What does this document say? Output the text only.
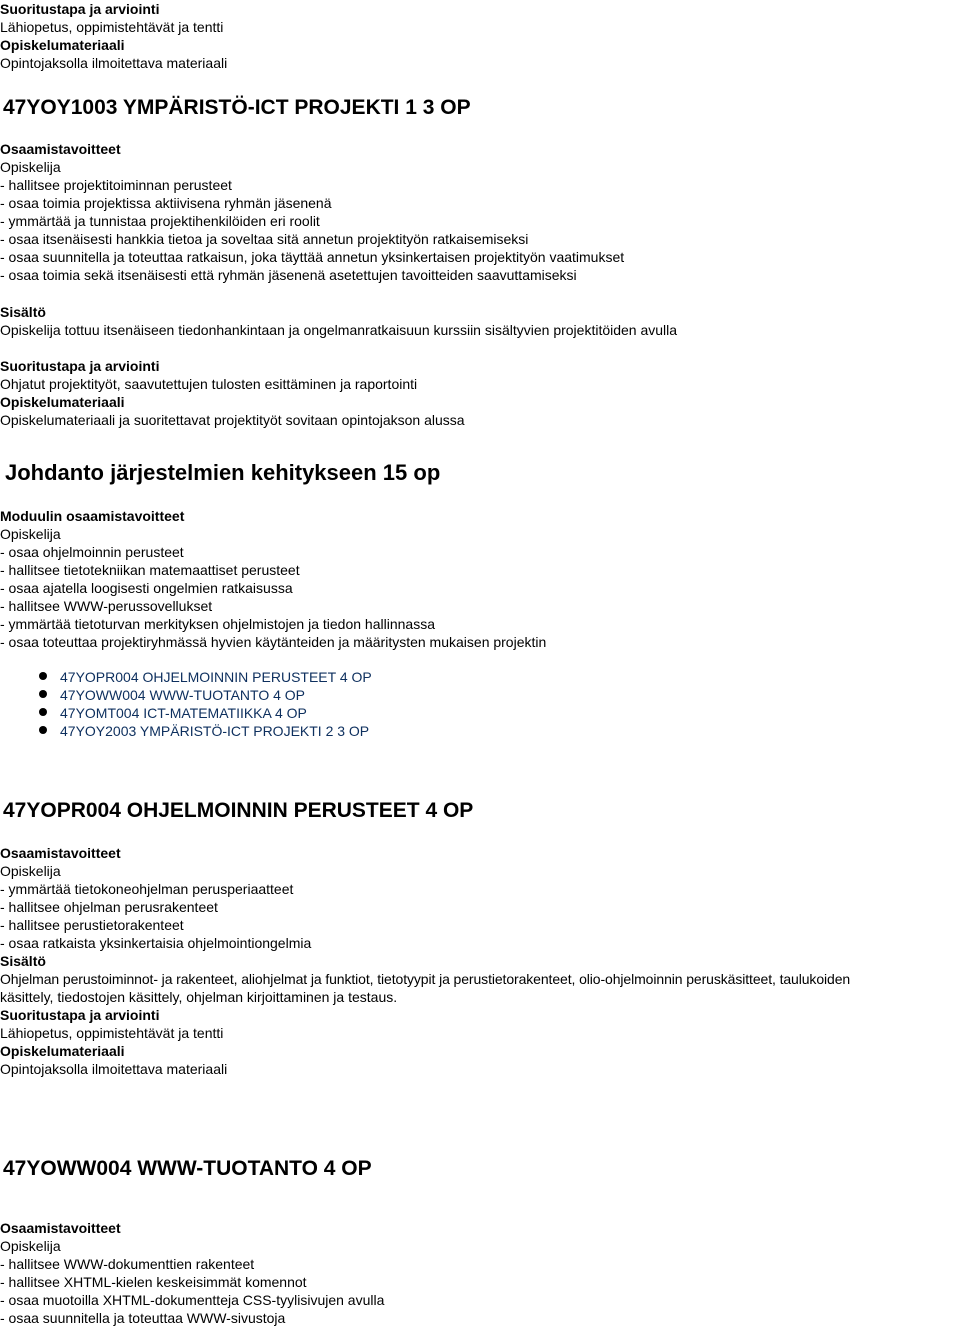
Suoritustapa ja arviointi
Lähiopetus, oppimistehtävät ja tentti
Opiskelumateriaali
Opintojaksolla ilmoitettava materiaali
47YOY1003 YMPÄRISTÖ-ICT PROJEKTI 1 3 OP
Osaamistavoitteet
Opiskelija
- hallitsee projektitoiminnan perusteet
- osaa toimia projektissa aktiivisena ryhmän jäsenenä
- ymmärtää ja tunnistaa projektihenkilöiden eri roolit
- osaa itsenäisesti hankkia tietoa ja soveltaa sitä annetun projektityön ratkaisemiseksi
- osaa suunnitella ja toteuttaa ratkaisun, joka täyttää annetun yksinkertaisen projektityön vaatimukset
- osaa toimia sekä itsenäisesti että ryhmän jäsenenä asetettujen tavoitteiden saavuttamiseksi
Sisältö
Opiskelija tottuu itsenäiseen tiedonhankintaan ja ongelmanratkaisuun kurssiin sisältyvien projektitöiden avulla
Suoritustapa ja arviointi
Ohjatut projektityöt, saavutettujen tulosten esittäminen ja raportointi
Opiskelumateriaali
Opiskelumateriaali ja suoritettavat projektityöt sovitaan opintojakson alussa
Johdanto järjestelmien kehitykseen 15 op
Moduulin osaamistavoitteet
Opiskelija
- osaa ohjelmoinnin perusteet
- hallitsee tietotekniikan matemaattiset perusteet
- osaa ajatella loogisesti ongelmien ratkaisussa
- hallitsee WWW-perussovellukset
- ymmärtää tietoturvan merkityksen ohjelmistojen ja tiedon hallinnassa
- osaa toteuttaa projektiryhmässä hyvien käytänteiden ja määritysten mukaisen projektin
47YOPR004 OHJELMOINNIN PERUSTEET 4 OP
47YOWW004 WWW-TUOTANTO 4 OP
47YOMT004 ICT-MATEMATIIKKA 4 OP
47YOY2003 YMPÄRISTÖ-ICT PROJEKTI 2 3 OP
47YOPR004 OHJELMOINNIN PERUSTEET 4 OP
Osaamistavoitteet
Opiskelija
- ymmärtää tietokoneohjelman perusperiaatteet
- hallitsee ohjelman perusrakenteet
- hallitsee perustietorakenteet
- osaa ratkaista yksinkertaisia ohjelmointiongelmia
Sisältö
Ohjelman perustoiminnot- ja rakenteet, aliohjelmat ja funktiot, tietotyypit ja perustietorakenteet, olio-ohjelmoinnin peruskäsitteet, taulukoiden
käsittely, tiedostojen käsittely, ohjelman kirjoittaminen ja testaus.
Suoritustapa ja arviointi
Lähiopetus, oppimistehtävät ja tentti
Opiskelumateriaali
Opintojaksolla ilmoitettava materiaali
47YOWW004 WWW-TUOTANTO 4 OP
Osaamistavoitteet
Opiskelija
- hallitsee WWW-dokumenttien rakenteet
- hallitsee XHTML-kielen keskeisimmät komennot
- osaa muotoilla XHTML-dokumentteja CSS-tyylisivujen avulla
- osaa suunnitella ja toteuttaa WWW-sivustoja
